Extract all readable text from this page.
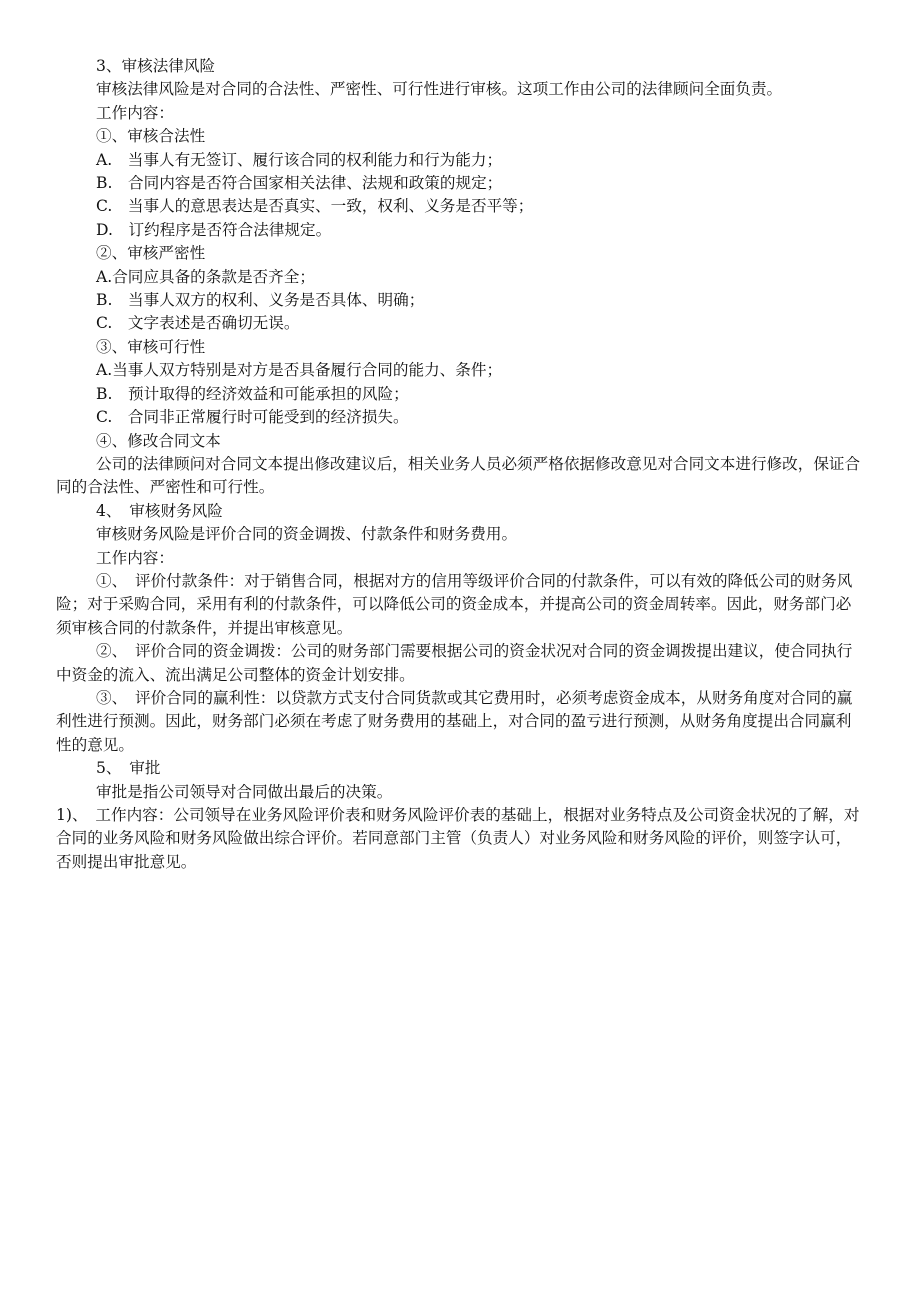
3、审核法律风险

审核法律风险是对合同的合法性、严密性、可行性进行审核。这项工作由公司的法律顾问全面负责。

工作内容：

①、审核合法性

A.　当事人有无签订、履行该合同的权利能力和行为能力；

B.　合同内容是否符合国家相关法律、法规和政策的规定；

C.　当事人的意思表达是否真实、一致，权利、义务是否平等；

D.　订约程序是否符合法律规定。

②、审核严密性

A.合同应具备的条款是否齐全；

B.　当事人双方的权利、义务是否具体、明确；

C.　文字表述是否确切无误。

③、审核可行性

A.当事人双方特别是对方是否具备履行合同的能力、条件；

B.　预计取得的经济效益和可能承担的风险；

C.　合同非正常履行时可能受到的经济损失。

④、修改合同文本

公司的法律顾问对合同文本提出修改建议后，相关业务人员必须严格依据修改意见对合同文本进行修改，保证合同的合法性、严密性和可行性。

4、　审核财务风险

审核财务风险是评价合同的资金调拨、付款条件和财务费用。

工作内容：

①、　评价付款条件：对于销售合同，根据对方的信用等级评价合同的付款条件，可以有效的降低公司的财务风险；对于采购合同，采用有利的付款条件，可以降低公司的资金成本，并提高公司的资金周转率。因此，财务部门必须审核合同的付款条件，并提出审核意见。

②、　评价合同的资金调拨：公司的财务部门需要根据公司的资金状况对合同的资金调拨提出建议，使合同执行中资金的流入、流出满足公司整体的资金计划安排。

③、　评价合同的赢利性：以贷款方式支付合同货款或其它费用时，必须考虑资金成本，从财务角度对合同的赢利性进行预测。因此，财务部门必须在考虑了财务费用的基础上，对合同的盈亏进行预测，从财务角度提出合同赢利性的意见。

5、　审批

审批是指公司领导对合同做出最后的决策。

1)、　工作内容：公司领导在业务风险评价表和财务风险评价表的基础上，根据对业务特点及公司资金状况的了解，对合同的业务风险和财务风险做出综合评价。若同意部门主管（负责人）对业务风险和财务风险的评价，则签字认可，否则提出审批意见。
